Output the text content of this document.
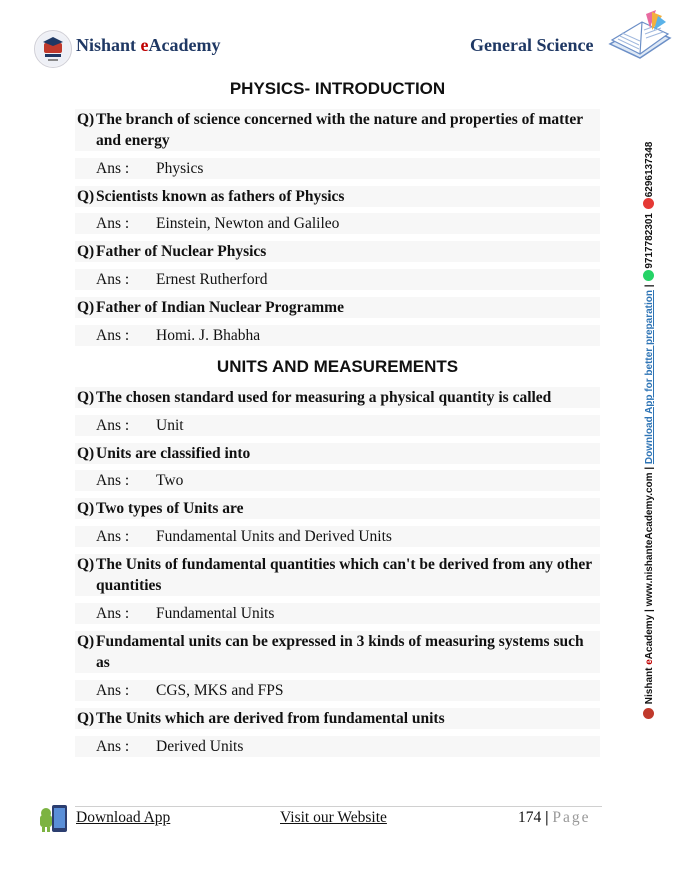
Nishant eAcademy	General Science
PHYSICS- INTRODUCTION
Q) The branch of science concerned with the nature and properties of matter and energy
Ans : Physics
Q) Scientists known as fathers of Physics
Ans : Einstein, Newton and Galileo
Q) Father of Nuclear Physics
Ans : Ernest Rutherford
Q) Father of Indian Nuclear Programme
Ans : Homi. J. Bhabha
UNITS AND MEASUREMENTS
Q) The chosen standard used for measuring a physical quantity is called
Ans : Unit
Q) Units are classified into
Ans : Two
Q) Two types of Units are
Ans : Fundamental Units and Derived Units
Q) The Units of fundamental quantities which can't be derived from any other quantities
Ans : Fundamental Units
Q) Fundamental units can be expressed in 3 kinds of measuring systems such as
Ans : CGS, MKS and FPS
Q) The Units which are derived from fundamental units
Ans : Derived Units
Nishant eAcademy | www.nishanteAcademy.com | Download App for better preparation | 9717782301 6296137348
Download App	Visit our Website	174 | Page
